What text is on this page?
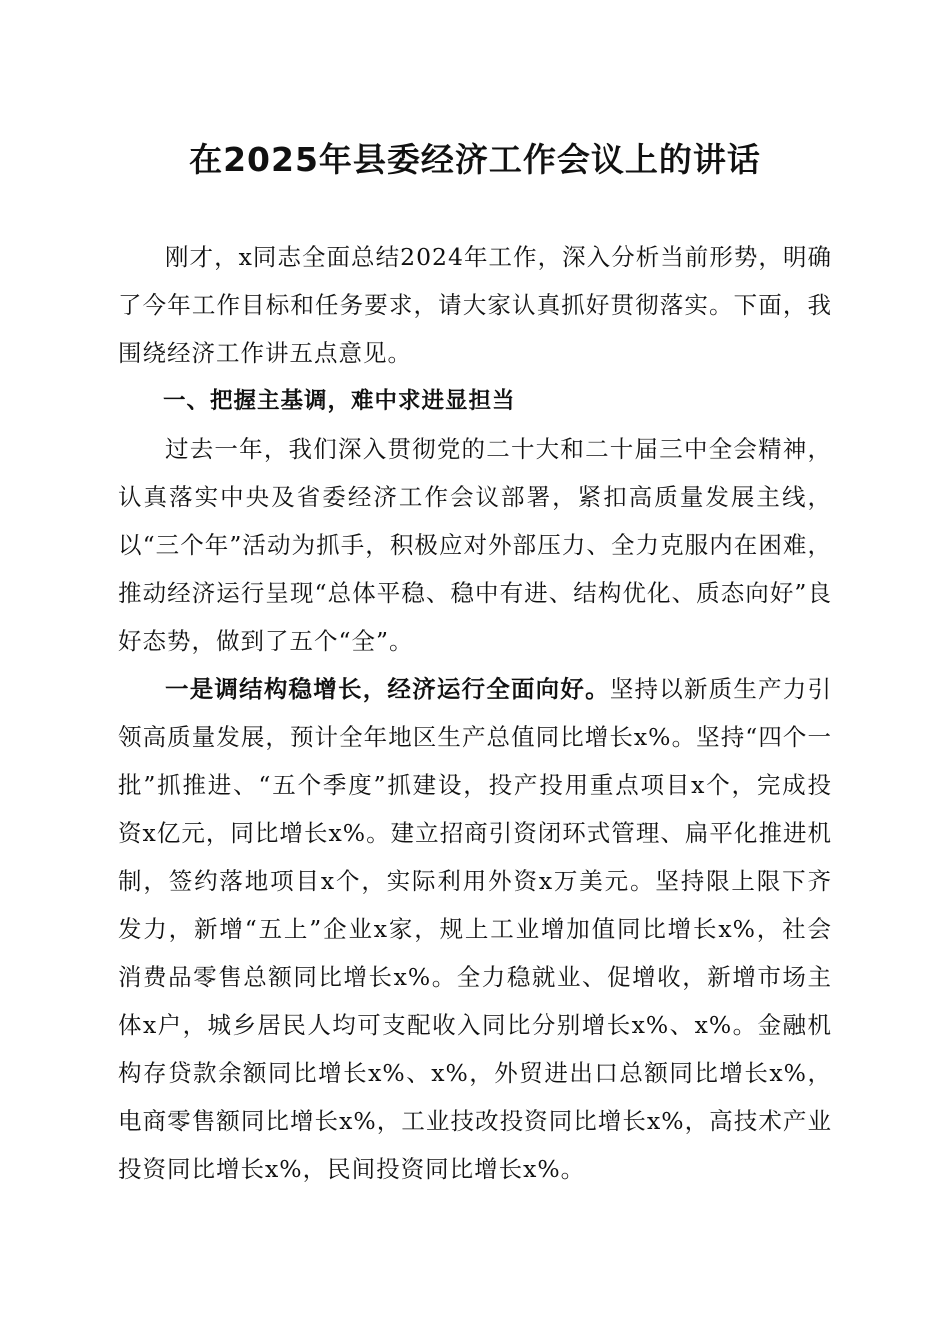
在2025年县委经济工作会议上的讲话

刚才，x同志全面总结2024年工作，深入分析当前形势，明确了今年工作目标和任务要求，请大家认真抓好贯彻落实。下面，我围绕经济工作讲五点意见。

一、把握主基调，难中求进显担当

过去一年，我们深入贯彻党的二十大和二十届三中全会精神，认真落实中央及省委经济工作会议部署，紧扣高质量发展主线，以“三个年”活动为抓手，积极应对外部压力、全力克服内在困难，推动经济运行呈现“总体平稳、稳中有进、结构优化、质态向好”良好态势，做到了五个“全”。

一是调结构稳增长，经济运行全面向好。坚持以新质生产力引领高质量发展，预计全年地区生产总值同比增长x%。坚持“四个一批”抓推进、“五个季度”抓建设，投产投用重点项目x个，完成投资x亿元，同比增长x%。建立招商引资闭环式管理、扁平化推进机制，签约落地项目x个，实际利用外资x万美元。坚持限上限下齐发力，新增“五上”企业x家，规上工业增加值同比增长x%，社会消费品零售总额同比增长x%。全力稳就业、促增收，新增市场主体x户，城乡居民人均可支配收入同比分别增长x%、x%。金融机构存贷款余额同比增长x%、x%，外贸进出口总额同比增长x%，电商零售额同比增长x%，工业技改投资同比增长x%，高技术产业投资同比增长x%，民间投资同比增长x%。
